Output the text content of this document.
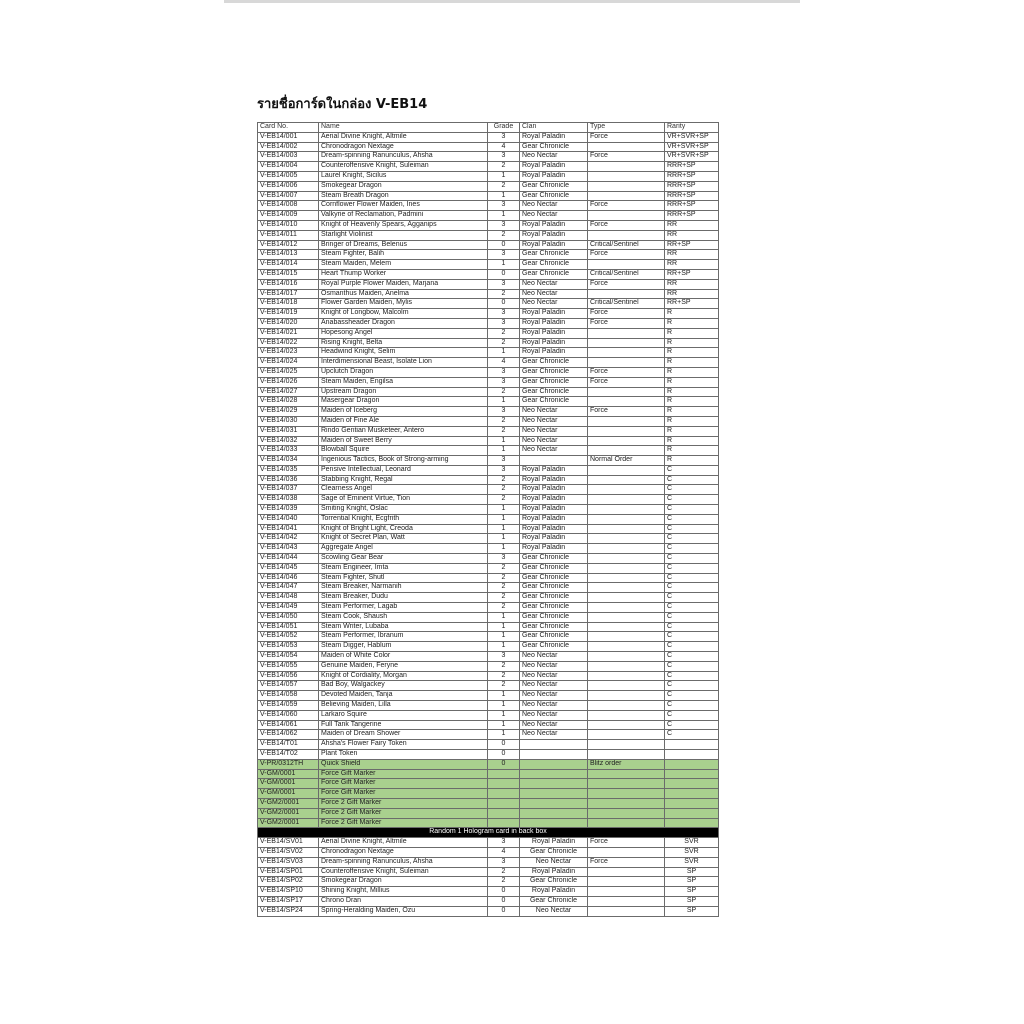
รายชื่อการ์ดในกล่อง V-EB14
Card No.	Name	Grade	Clan	Type	Rarity
V-EB14/001	Aerial Divine Knight, Altmile	3	Royal Paladin	Force	VR+SVR+SP
V-EB14/002	Chronodragon Nextage	4	Gear Chronicle		VR+SVR+SP
V-EB14/003	Dream-spinning Ranunculus, Ahsha	3	Neo Nectar	Force	VR+SVR+SP
V-EB14/004	Counteroffensive Knight, Suleiman	2	Royal Paladin		RRR+SP
V-EB14/005	Laurel Knight, Sicilus	1	Royal Paladin		RRR+SP
V-EB14/006	Smokegear Dragon	2	Gear Chronicle		RRR+SP
V-EB14/007	Steam Breath Dragon	1	Gear Chronicle		RRR+SP
V-EB14/008	Cornflower Flower Maiden, Ines	3	Neo Nectar	Force	RRR+SP
V-EB14/009	Valkyrie of Reclamation, Padmini	1	Neo Nectar		RRR+SP
V-EB14/010	Knight of Heavenly Spears, Agganips	3	Royal Paladin	Force	RR
V-EB14/011	Starlight Violinist	2	Royal Paladin		RR
V-EB14/012	Bringer of Dreams, Belenus	0	Royal Paladin	Critical/Sentinel	RR+SP
V-EB14/013	Steam Fighter, Balih	3	Gear Chronicle	Force	RR
V-EB14/014	Steam Maiden, Melem	1	Gear Chronicle		RR
V-EB14/015	Heart Thump Worker	0	Gear Chronicle	Critical/Sentinel	RR+SP
V-EB14/016	Royal Purple Flower Maiden, Marjana	3	Neo Nectar	Force	RR
V-EB14/017	Osmanthus Maiden, Anelma	2	Neo Nectar		RR
V-EB14/018	Flower Garden Maiden, Mylis	0	Neo Nectar	Critical/Sentinel	RR+SP
V-EB14/019	Knight of Longbow, Malcolm	3	Royal Paladin	Force	R
V-EB14/020	Anabassheader Dragon	3	Royal Paladin	Force	R
V-EB14/021	Hopesong Angel	2	Royal Paladin		R
V-EB14/022	Rising Knight, Belta	2	Royal Paladin		R
V-EB14/023	Headwind Knight, Selim	1	Royal Paladin		R
V-EB14/024	Interdimensional Beast, Isolate Lion	4	Gear Chronicle		R
V-EB14/025	Upclutch Dragon	3	Gear Chronicle	Force	R
V-EB14/026	Steam Maiden, Engilsa	3	Gear Chronicle	Force	R
V-EB14/027	Upstream Dragon	2	Gear Chronicle		R
V-EB14/028	Masergear Dragon	1	Gear Chronicle		R
V-EB14/029	Maiden of Iceberg	3	Neo Nectar	Force	R
V-EB14/030	Maiden of Fine Ale	2	Neo Nectar		R
V-EB14/031	Rindo Gentian Musketeer, Antero	2	Neo Nectar		R
V-EB14/032	Maiden of Sweet Berry	1	Neo Nectar		R
V-EB14/033	Blowball Squire	1	Neo Nectar		R
V-EB14/034	Ingenious Tactics, Book of Strong-arming	3		Normal Order	R
V-EB14/035	Pensive Intellectual, Leonard	3	Royal Paladin		C
V-EB14/036	Stabbing Knight, Regal	2	Royal Paladin		C
V-EB14/037	Clearness Angel	2	Royal Paladin		C
V-EB14/038	Sage of Eminent Virtue, Tion	2	Royal Paladin		C
V-EB14/039	Smiting Knight, Oslac	1	Royal Paladin		C
V-EB14/040	Torrential Knight, Ecgfrith	1	Royal Paladin		C
V-EB14/041	Knight of Bright Light, Creoda	1	Royal Paladin		C
V-EB14/042	Knight of Secret Plan, Watt	1	Royal Paladin		C
V-EB14/043	Aggregate Angel	1	Royal Paladin		C
V-EB14/044	Scowling Gear Bear	3	Gear Chronicle		C
V-EB14/045	Steam Engineer, Imta	2	Gear Chronicle		C
V-EB14/046	Steam Fighter, Shutl	2	Gear Chronicle		C
V-EB14/047	Steam Breaker, Narmanih	2	Gear Chronicle		C
V-EB14/048	Steam Breaker, Dudu	2	Gear Chronicle		C
V-EB14/049	Steam Performer, Lagab	2	Gear Chronicle		C
V-EB14/050	Steam Cook, Shaush	1	Gear Chronicle		C
V-EB14/051	Steam Writer, Lubaba	1	Gear Chronicle		C
V-EB14/052	Steam Performer, Ibranum	1	Gear Chronicle		C
V-EB14/053	Steam Digger, Hablum	1	Gear Chronicle		C
V-EB14/054	Maiden of White Color	3	Neo Nectar		C
V-EB14/055	Genuine Maiden, Feryne	2	Neo Nectar		C
V-EB14/056	Knight of Cordiality, Morgan	2	Neo Nectar		C
V-EB14/057	Bad Boy, Walgackey	2	Neo Nectar		C
V-EB14/058	Devoted Maiden, Tanja	1	Neo Nectar		C
V-EB14/059	Believing Maiden, Lilla	1	Neo Nectar		C
V-EB14/060	Larkaro Squire	1	Neo Nectar		C
V-EB14/061	Full Tank Tangerine	1	Neo Nectar		C
V-EB14/062	Maiden of Dream Shower	1	Neo Nectar		C
V-EB14/T01	Ahsha's Flower Fairy Token	0			
V-EB14/T02	Plant Token	0			
V-PR/0312TH	Quick Shield	0		Blitz order	
V-GM/0001	Force Gift Marker				
V-GM/0001	Force Gift Marker				
V-GM/0001	Force Gift Marker				
V-GM2/0001	Force 2 Gift Marker				
V-GM2/0001	Force 2 Gift Marker				
V-GM2/0001	Force 2 Gift Marker				
Random 1 Hologram card in back box					
V-EB14/SV01	Aerial Divine Knight, Altmile	3	Royal Paladin	Force	SVR
V-EB14/SV02	Chronodragon Nextage	4	Gear Chronicle		SVR
V-EB14/SV03	Dream-spinning Ranunculus, Ahsha	3	Neo Nectar	Force	SVR
V-EB14/SP01	Counteroffensive Knight, Suleiman	2	Royal Paladin		SP
V-EB14/SP02	Smokegear Dragon	2	Gear Chronicle		SP
V-EB14/SP10	Shining Knight, Millius	0	Royal Paladin		SP
V-EB14/SP17	Chrono Dran	0	Gear Chronicle		SP
V-EB14/SP24	Spring-Heralding Maiden, Ozu	0	Neo Nectar		SP
